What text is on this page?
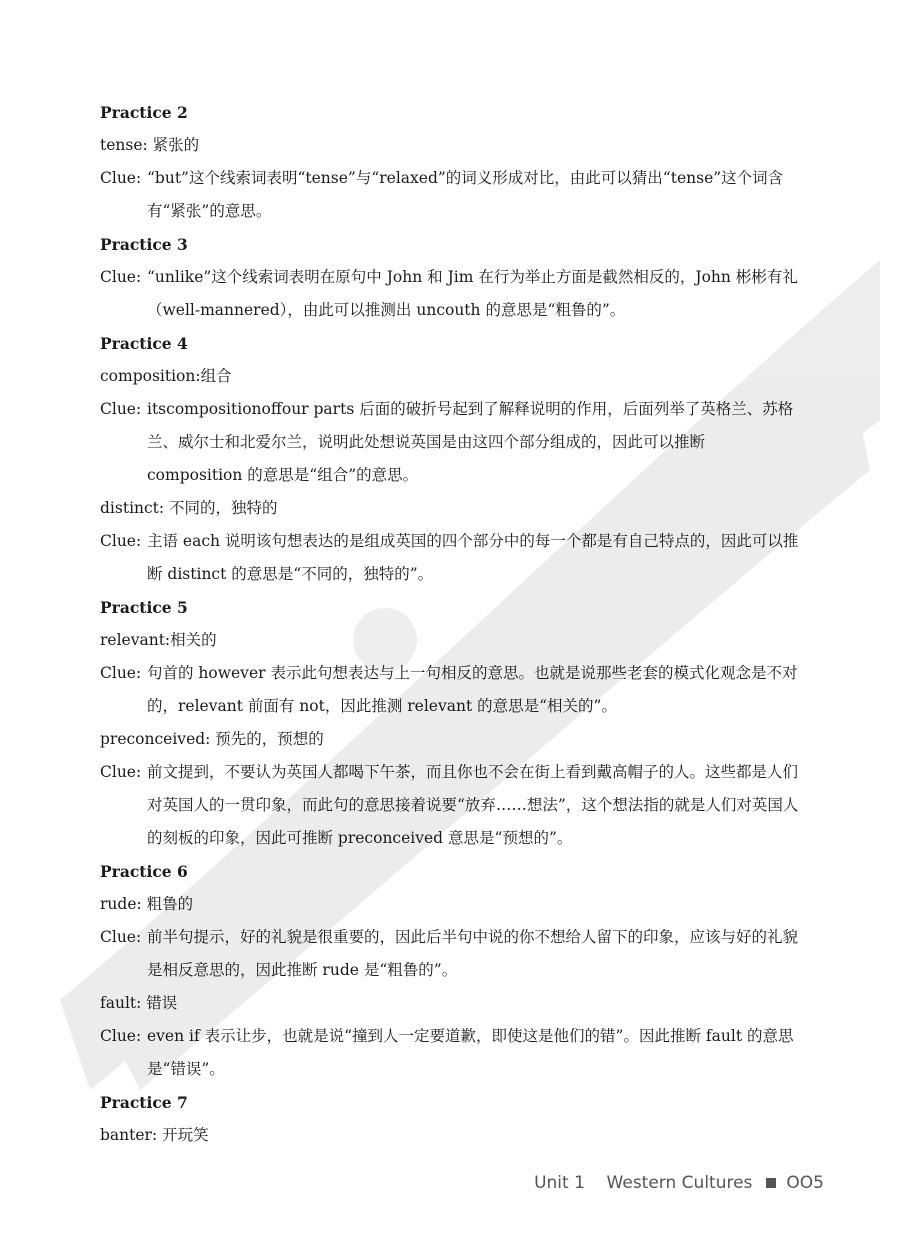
Practice 2
tense: 紧张的
Clue: “but”这个线索词表明“tense”与“relaxed”的词义形成对比，由此可以猜出“tense”这个词含有“紧张”的意思。
Practice 3
Clue: “unlike”这个线索词表明在原句中 John 和 Jim 在行为举止方面是截然相反的，John 彬彬有礼（well-mannered），由此可以推测出 uncouth 的意思是“粗鲁的”。
Practice 4
composition:组合
Clue: itscompositionoffour parts 后面的破折号起到了解释说明的作用，后面列举了英格兰、苏格兰、威尔士和北爱尔兰，说明此处想说英国是由这四个部分组成的，因此可以推断 composition 的意思是“组合”的意思。
distinct: 不同的，独特的
Clue: 主语 each 说明该句想表达的是组成英国的四个部分中的每一个都是有自己特点的，因此可以推断 distinct 的意思是“不同的，独特的”。
Practice 5
relevant:相关的
Clue: 句首的 however 表示此句想表达与上一句相反的意思。也就是说那些老套的模式化观念是不对的，relevant 前面有 not，因此推测 relevant 的意思是“相关的”。
preconceived: 预先的，预想的
Clue: 前文提到，不要认为英国人都喝下午茶，而且你也不会在街上看到戴高帽子的人。这些都是人们对英国人的一贯印象，而此句的意思接着说要“放弃……想法”，这个想法指的就是人们对英国人的刻板的印象，因此可推断 preconceived 意思是“预想的”。
Practice 6
rude: 粗鲁的
Clue: 前半句提示，好的礼貌是很重要的，因此后半句中说的你不想给人留下的印象，应该与好的礼貌是相反意思的，因此推断 rude 是“粗鲁的”。
fault: 错误
Clue: even if 表示让步，也就是说“撞到人一定要道歉，即使这是他们的错”。因此推断 fault 的意思是“错误”。
Practice 7
banter: 开玩笑
Unit 1 Western Cultures OO5
